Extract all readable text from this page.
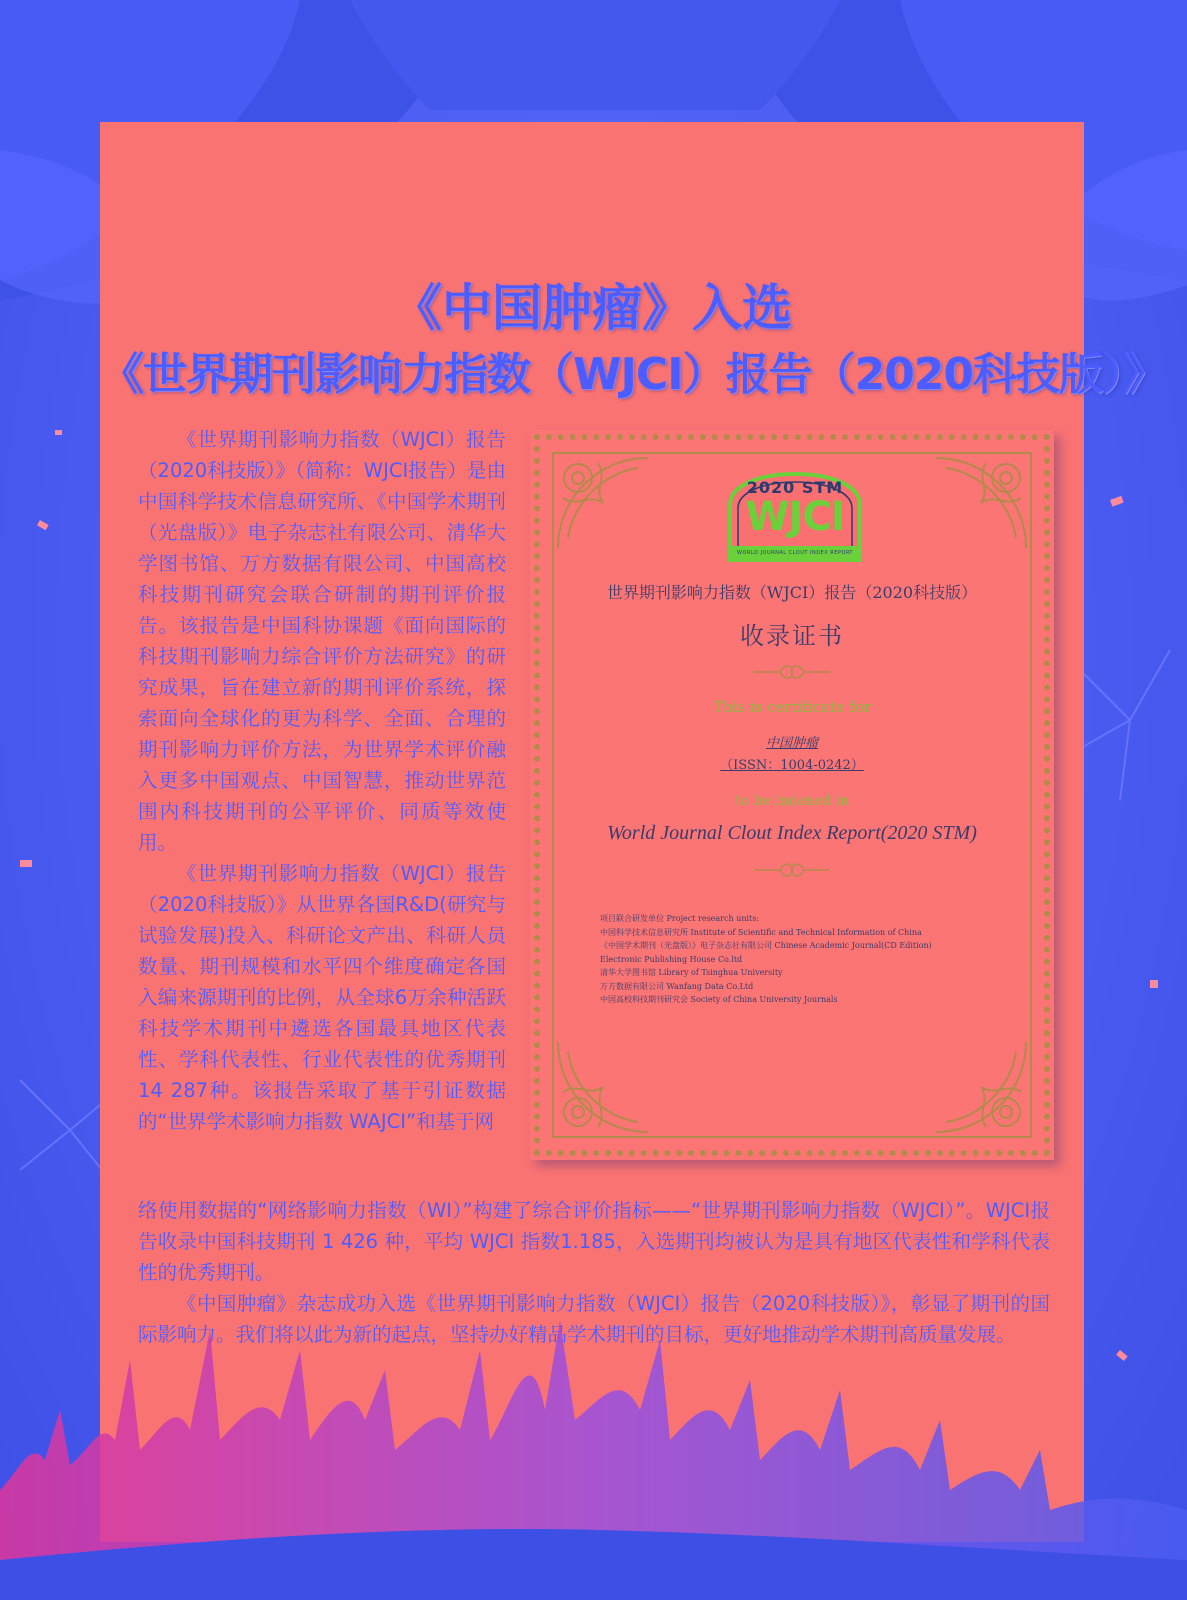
《中国肿瘤》入选
《世界期刊影响力指数（WJCI）报告（2020科技版）》

《世界期刊影响力指数（WJCI）报告（2020科技版）》（简称：WJCI报告）是由中国科学技术信息研究所、《中国学术期刊（光盘版）》电子杂志社有限公司、清华大学图书馆、万方数据有限公司、中国高校科技期刊研究会联合研制的期刊评价报告。该报告是中国科协课题《面向国际的科技期刊影响力综合评价方法研究》的研究成果，旨在建立新的期刊评价系统，探索面向全球化的更为科学、全面、合理的期刊影响力评价方法，为世界学术评价融入更多中国观点、中国智慧，推动世界范围内科技期刊的公平评价、同质等效使用。

《世界期刊影响力指数（WJCI）报告（2020科技版）》从世界各国R&D(研究与试验发展)投入、科研论文产出、科研人员数量、期刊规模和水平四个维度确定各国入编来源期刊的比例，从全球6万余种活跃科技学术期刊中遴选各国最具地区代表性、学科代表性、行业代表性的优秀期刊 14 287种。该报告采取了基于引证数据的“世界学术影响力指数 WAJCI”和基于网

络使用数据的“网络影响力指数（WI）”构建了综合评价指标——“世界期刊影响力指数（WJCI）”。WJCI报告收录中国科技期刊 1 426 种，平均 WJCI 指数1.185，入选期刊均被认为是具有地区代表性和学科代表性的优秀期刊。

《中国肿瘤》杂志成功入选《世界期刊影响力指数（WJCI）报告（2020科技版）》，彰显了期刊的国际影响力。我们将以此为新的起点，坚持办好精品学术期刊的目标，更好地推动学术期刊高质量发展。

2020 STM
WJCI
WORLD JOURNAL CLOUT INDEX REPORT
世界期刊影响力指数（WJCI）报告（2020科技版）
收录证书
This is certificate for
中国肿瘤
（ISSN：1004-0242）
to be indexed in
World Journal Clout Index Report(2020 STM)
项目联合研发单位 Project research units:
中国科学技术信息研究所 Institute of Scientific and Technical Information of China
《中国学术期刊（光盘版）》电子杂志社有限公司 Chinese Academic Journal(CD Edition)
Electronic Publishing House Co.ltd
清华大学图书馆 Library of Tsinghua University
万方数据有限公司 Wanfang Data Co.Ltd
中国高校科技期刊研究会 Society of China University Journals
